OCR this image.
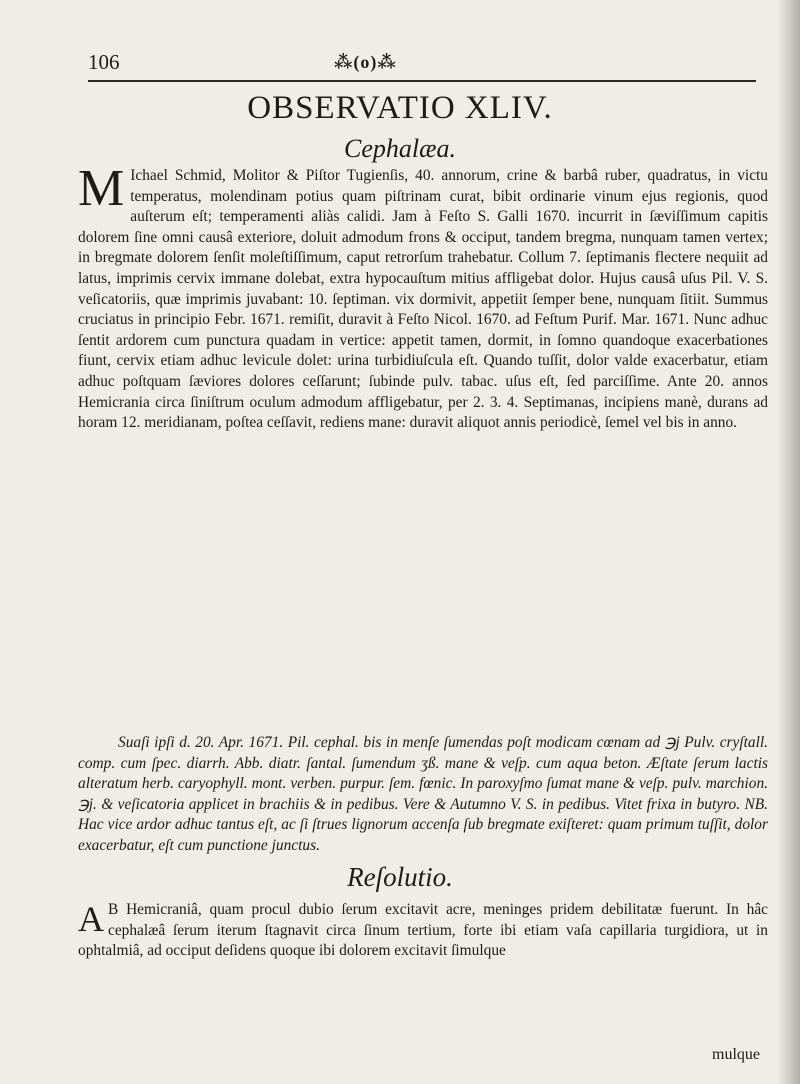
106	⁂(o)⁂
OBSERVATIO XLIV.
Cephalæa.
M Ichael Schmid, Molitor & Piſtor Tugienſis, 40. annorum, crine & barbâ ruber, quadratus, in victu temperatus, molendinam potius quam piſtrinam curat, bibit ordinarie vinum ejus regionis, quod auſterum eſt; temperamenti aliàs calidi. Jam à Feſto S. Galli 1670. incurrit in ſæviſſimum capitis dolorem ſine omni causâ exteriore, doluit admodum frons & occiput, tandem bregma, nunquam tamen vertex; in bregmate dolorem ſenſit moleſtiſſimum, caput retrorſum trahebatur. Collum 7. ſeptimanis flectere nequiit ad latus, imprimis cervix immane dolebat, extra hypocauſtum mitius affligebat dolor. Hujus causâ uſus Pil. V. S. veſicatoriis, quæ imprimis juvabant: 10. ſeptiman. vix dormivit, appetiit ſemper bene, nunquam ſitiit. Summus cruciatus in principio Febr. 1671. remiſit, duravit à Feſto Nicol. 1670. ad Feſtum Purif. Mar. 1671. Nunc adhuc ſentit ardorem cum punctura quadam in vertice: appetit tamen, dormit, in ſomno quandoque exacerbationes fiunt, cervix etiam adhuc levicule dolet: urina turbidiuſcula eſt. Quando tuſſit, dolor valde exacerbatur, etiam adhuc poſtquam ſæviores dolores ceſſarunt; ſubinde pulv. tabac. uſus eſt, ſed parciſſime. Ante 20. annos Hemicrania circa ſiniſtrum oculum admodum affligebatur, per 2. 3. 4. Septimanas, incipiens manè, durans ad horam 12. meridianam, poſtea ceſſavit, rediens mane: duravit aliquot annis periodicè, ſemel vel bis in anno.
Suaſi ipſi d. 20. Apr. 1671. Pil. cephal. bis in menſe ſumendas poſt modicam cœnam ad ℈j Pulv. cryſtall. comp. cum ſpec. diarrh. Abb. diatr. ſantal. ſumendum ʒß. mane & veſp. cum aqua beton. Æſtate ſerum lactis alteratum herb. caryophyll. mont. verben. purpur. ſem. fœnic. In paroxyſmo ſumat mane & veſp. pulv. marchion. ℈j. & veſicatoria applicet in brachiis & in pedibus. Vere & Autumno V. S. in pedibus. Vitet frixa in butyro. NB. Hac vice ardor adhuc tantus eſt, ac ſi ſtrues lignorum accenſa ſub bregmate exiſteret: quam primum tuſſit, dolor exacerbatur, eſt cum punctione junctus.
Reſolutio.
A B Hemicraniâ, quam procul dubio ſerum excitavit acre, meninges pridem debilitatæ fuerunt. In hâc cephalæâ ſerum iterum ſtagnavit circa ſinum tertium, forte ibi etiam vaſa capillaria turgidiora, ut in ophtalmiâ, ad occiput deſidens quoque ibi dolorem excitavit ſimulque
mulque
